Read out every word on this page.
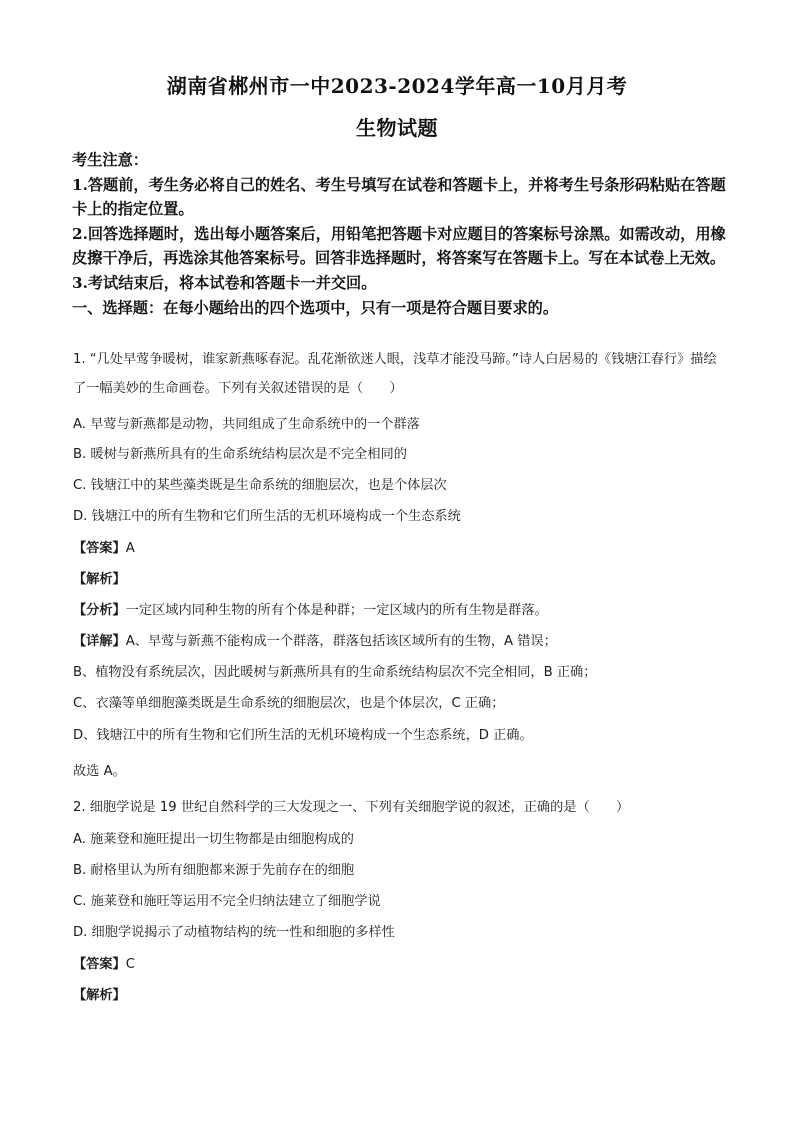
湖南省郴州市一中2023-2024学年高一10月月考
生物试题

考生注意：

1.答题前，考生务必将自己的姓名、考生号填写在试卷和答题卡上，并将考生号条形码粘贴在答题卡上的指定位置。

2.回答选择题时，选出每小题答案后，用铅笔把答题卡对应题目的答案标号涂黑。如需改动，用橡皮擦干净后，再选涂其他答案标号。回答非选择题时，将答案写在答题卡上。写在本试卷上无效。

3.考试结束后，将本试卷和答题卡一并交回。

一、选择题：在每小题给出的四个选项中，只有一项是符合题目要求的。

1. “几处早莺争暖树，谁家新燕啄春泥。乱花渐欲迷人眼，浅草才能没马蹄。”诗人白居易的《钱塘江春行》描绘了一幅美妙的生命画卷。下列有关叙述错误的是（　　）
A. 早莺与新燕都是动物，共同组成了生命系统中的一个群落
B. 暖树与新燕所具有的生命系统结构层次是不完全相同的
C. 钱塘江中的某些藻类既是生命系统的细胞层次，也是个体层次
D. 钱塘江中的所有生物和它们所生活的无机环境构成一个生态系统
【答案】A
【解析】
【分析】一定区域内同种生物的所有个体是种群；一定区域内的所有生物是群落。
【详解】A、早莺与新燕不能构成一个群落，群落包括该区域所有的生物，A 错误；
B、植物没有系统层次，因此暖树与新燕所具有的生命系统结构层次不完全相同，B 正确；
C、衣藻等单细胞藻类既是生命系统的细胞层次，也是个体层次，C 正确；
D、钱塘江中的所有生物和它们所生活的无机环境构成一个生态系统，D 正确。
故选 A。
2. 细胞学说是 19 世纪自然科学的三大发现之一、下列有关细胞学说的叙述，正确的是（　　）
A. 施莱登和施旺提出一切生物都是由细胞构成的
B. 耐格里认为所有细胞都来源于先前存在的细胞
C. 施莱登和施旺等运用不完全归纳法建立了细胞学说
D. 细胞学说揭示了动植物结构的统一性和细胞的多样性
【答案】C
【解析】
